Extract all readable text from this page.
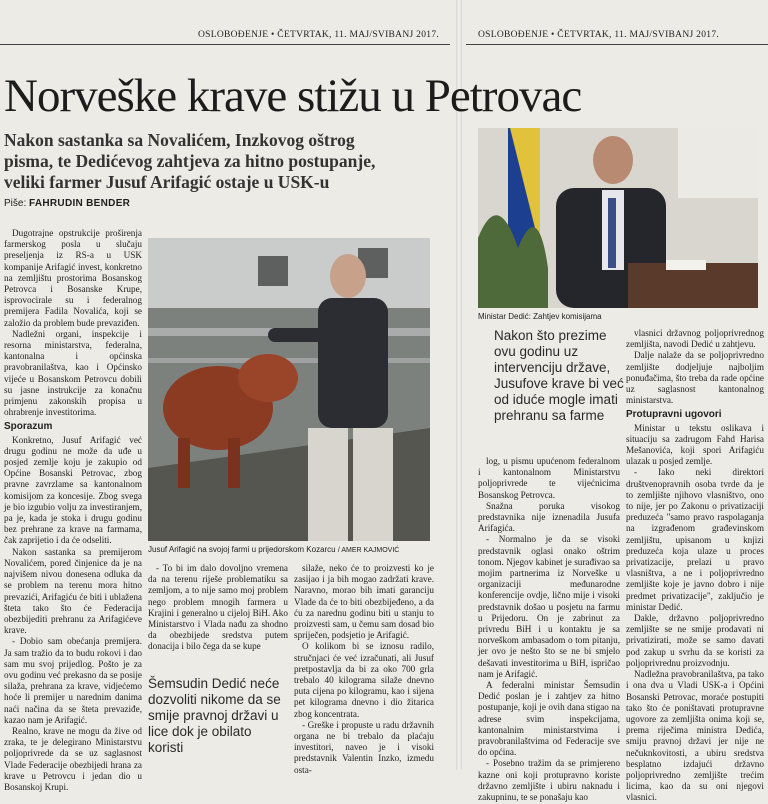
OSLOBOĐENJE • ČETVRTAK, 11. MAJ/SVIBANJ 2017.	OSLOBOĐENJE • ČETVRTAK, 11. MAJ/SVIBANJ 2017.
Norveške krave stižu u Petrovac
Nakon sastanka sa Novalićem, Inzkovog oštrog pisma, te Dedićevog zahtjeva za hitno postupanje, veliki farmer Jusuf Arifagić ostaje u USK-u
Piše: FAHRUDIN BENDER

Dugotrajne opstrukcije proširenja farmerskog posla u slučaju preseljenja iz RS-a u USK kompanije Arifagić invest, konkretno na zemljištu prostorima Bosanskog Petrovca i Bosanske Krupe, isprovocirale su i federalnog premijera Fadila Novalića, koji se založio da problem bude prevaziđen.

Nadležni organi, inspekcije i resorna ministarstva, federalna, kantonalna i općinska pravobranilaštva, kao i Općinsko vijeće u Bosanskom Petrovcu dobili su jasne instrukcije za konačnu primjenu zakonskih propisa u ohrabrenje investitorima.

Sporazum

Konkretno, Jusuf Arifagić već drugu godinu ne može da uđe u posjed zemlje koju je zakupio od Općine Bosanski Petrovac, zbog pravne zavrzlame sa kantonalnom komisijom za koncesije. Zbog svega je bio izgubio volju za investiranjem, pa je, kada je stoka i drugu godinu bez prehrane za krave na farmama, čak zaprijetio i da će odseliti.

Nakon sastanka sa premijerom Novalićem, pored činjenice da je na najvišem nivou donesena odluka da se problem na terenu mora hitno prevazići, Arifagiću će biti i ublažena šteta tako što će Federacija obezbijediti prehranu za Arifagićeve krave.

- Dobio sam obećanja premijera. Ja sam tražio da to budu rokovi i dao sam mu svoj prijedlog. Pošto je za ovu godinu već prekasno da se posije silaža, prehrana za krave, vidjećemo hoće li premijer u narednim danima naći načina da se šteta prevaziđe, kazao nam je Arifagić.

Realno, krave ne mogu da žive od zraka, te je delegirano Ministarstvu poljoprivrede da se uz saglasnost Vlade Federacije obezbijedi hrana za krave u Petrovcu i jedan dio u Bosanskoj Krupi.

Jusuf Arifagić na svojoj farmi u prijedorskom Kozarcu / AMER KAJMOVIĆ

- To bi im dalo dovoljno vremena da na terenu riješe problematiku sa zemljom, a to nije samo moj problem nego problem mnogih farmera u Krajini i generalno u cijeloj BiH. Ako Ministarstvo i Vlada nađu za shodno da obezbijede sredstva putem donacija i bilo čega da se kupe

Šemsudin Dedić neće dozvoliti nikome da se smije pravnoj državi u lice dok je obilato koristi

silaže, neko će to proizvesti ko je zasijao i ja bih mogao zadržati krave. Naravno, morao bih imati garanciju Vlade da će to biti obezbijeđeno, a da ću za narednu godinu biti u stanju to proizvesti sam, u čemu sam dosad bio spriječen, podsjetio je Arifagić.

O kolikom bi se iznosu radilo, stručnjaci će već izračunati, ali Jusuf pretpostavlja da bi za oko 700 grla trebalo 40 kilograma silaže dnevno puta cijena po kilogramu, kao i sijena pet kilograma dnevno i dio žitarica zbog koncentrata.

- Greške i propuste u radu državnih organa ne bi trebalo da plaćaju investitori, naveo je i visoki predstavnik Valentin Inzko, izmedu osta-

Ministar Dedić: Zahtjev komisijama
Nakon što prezime ovu godinu uz intervenciju države, Jusufove krave bi već od iduće mogle imati prehranu sa farme

log, u pismu upućenom federalnom i kantonalnom Ministarstvu poljoprivrede te vijećnicima Bosanskog Petrovca.

Snažna poruka visokog predstavnika nije iznenadila Jusufa Arifagića.

- Normalno je da se visoki predstavnik oglasi onako oštrim tonom. Njegov kabinet je surađivao sa mojim partnerima iz Norveške u organizaciji međunarodne konferencije ovdje, lično mije i visoki predstavnik došao u posjetu na farmu u Prijedoru. On je zabrinut za privredu BiH i u kontaktu je sa norveškom ambasadom o tom pitanju, jer ovo je nešto što se ne bi smjelo dešavati investitorima u BiH, ispričao nam je Arifagić.

A federalni ministar Šemsudin Dedić poslan je i zahtjev za hitno postupanje, koji je ovih dana stigao na adrese svim inspekcijama, kantonalnim ministarstvima i pravobranilaštvima od Federacije sve do općina.

- Posebno tražim da se primjereno kazne oni koji protupravno koriste državno zemljište i ubiru naknadu i zakupninu, te se ponašaju kao

vlasnici državnog poljoprivrednog zemljišta, navodi Dedić u zahtjevu.

Dalje nalaže da se poljoprivredno zemljište dodjeljuje najboljim ponuđačima, što treba da rade općine uz saglasnost kantonalnog ministarstva.

Protupravni ugovori

Ministar u tekstu oslikava i situaciju sa zadrugom Fahd Harisa Mešanovića, koji spori Arifagiću ulazak u posjed zemlje.

- Iako neki direktori društvenopravnih osoba tvrde da je to zemljište njihovo vlasništvo, ono to nije, jer po Zakonu o privatizaciji preduzeća "samo pravo raspolaganja na izgrađenom građevinskom zemljištu, upisanom u knjizi preduzeća koja ulaze u proces privatizacije, prelazi u pravo vlasništva, a ne i poljoprivredno zemljište koje je javno dobro i nije predmet privatizacije", zaključio je ministar Dedić.

Dakle, državno poljoprivredno zemljište se ne smije prodavati ni privatizirati, može se samo davati pod zakup u svrhu da se koristi za poljoprivrednu proizvodnju.

Nadležna pravobranilaštva, pa tako i ona dva u Vladi USK-a i Općini Bosanski Petrovac, moraće postupiti tako što će poništavati protupravne ugovore za zemljišta onima koji se, prema riječima ministra Dedića, smiju pravnoj državi jer nije ne nečuknkovitosti, a ubiru sredstva besplatno izdajući državno poljoprivredno zemljište trećim licima, kao da su oni njegovi vlasnici.
